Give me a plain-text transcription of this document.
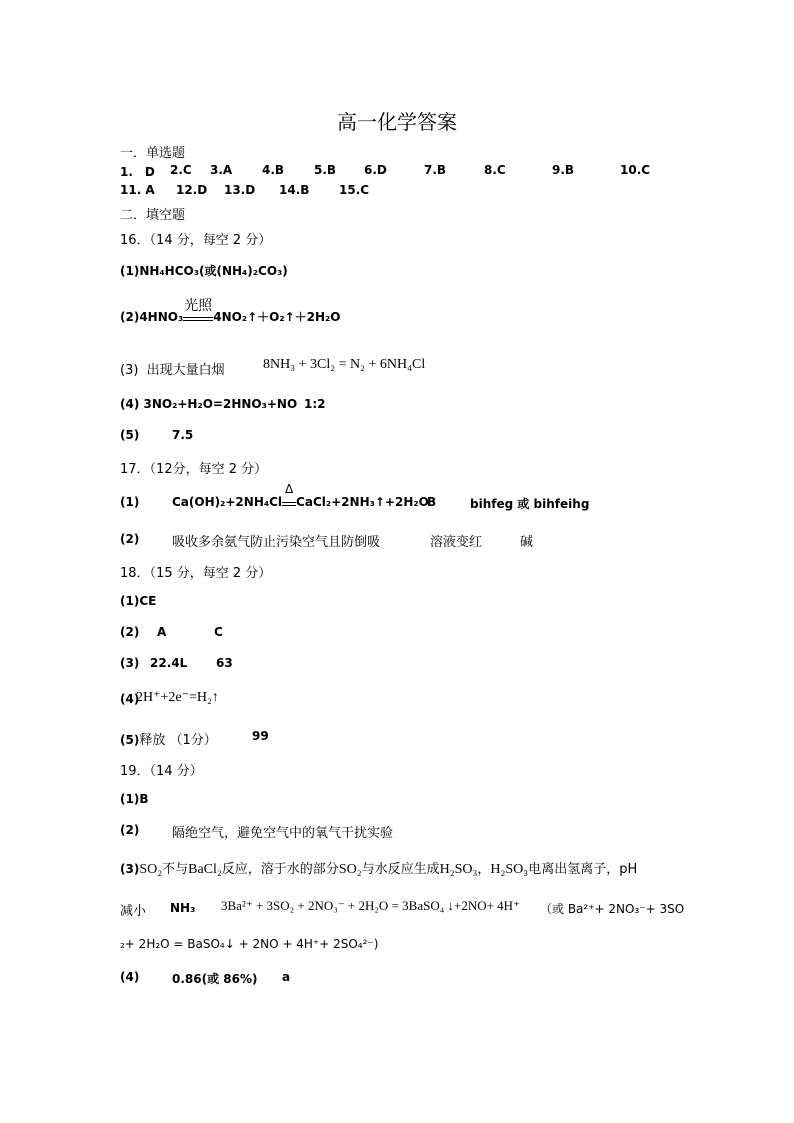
高一化学答案
一．单选题
1.　D 2.C 3.A 4.B 5.B 6.D	7.B	8.C	9.B	10.C
11. A 12.D 13.D 14.B 15.C
二．填空题
16．（14 分，每空 2 分）
(1)NH₄HCO₃(或(NH₄)₂CO₃)
(2)4HNO₃
光照
4NO₂↑＋O₂↑＋2H₂O
(3) 出现大量白烟	8NH₃ + 3Cl₂ = N₂ + 6NH₄Cl
(4) 3NO₂+H₂O=2HNO₃+NO 1:2
(5)	7.5
17．（12分，每空 2 分）
(1)	Ca(OH)₂+2NH₄Cl
Δ
CaCl₂+2NH₃↑+2H₂O
B	bihfeg 或 bihfeihg
(2)	吸收多余氨气防止污染空气且防倒吸	溶液变红	碱
18．（15 分，每空 2 分）
(1)CE
(2) A	C
(3) 22.4L 63
(4)
2H⁺+2e⁻=H₂↑
(5)释放 （1分）	99
19．（14 分）
(1)B
(2)	隔绝空气，避免空气中的氧气干扰实验
(3)SO₂不与BaCl₂反应，溶于水的部分SO₂与水反应生成H₂SO₃，H₂SO₃电离出氢离子，pH
减小 NH₃ 3Ba²⁺ + 3SO₂ + 2NO₃⁻ + 2H₂O = 3BaSO₄ ↓+2NO+ 4H⁺ （或 Ba²⁺+ 2NO₃⁻+ 3SO
₂+ 2H₂O = BaSO₄↓ + 2NO + 4H⁺+ 2SO₄²⁻)
(4)	0.86(或 86%) a
